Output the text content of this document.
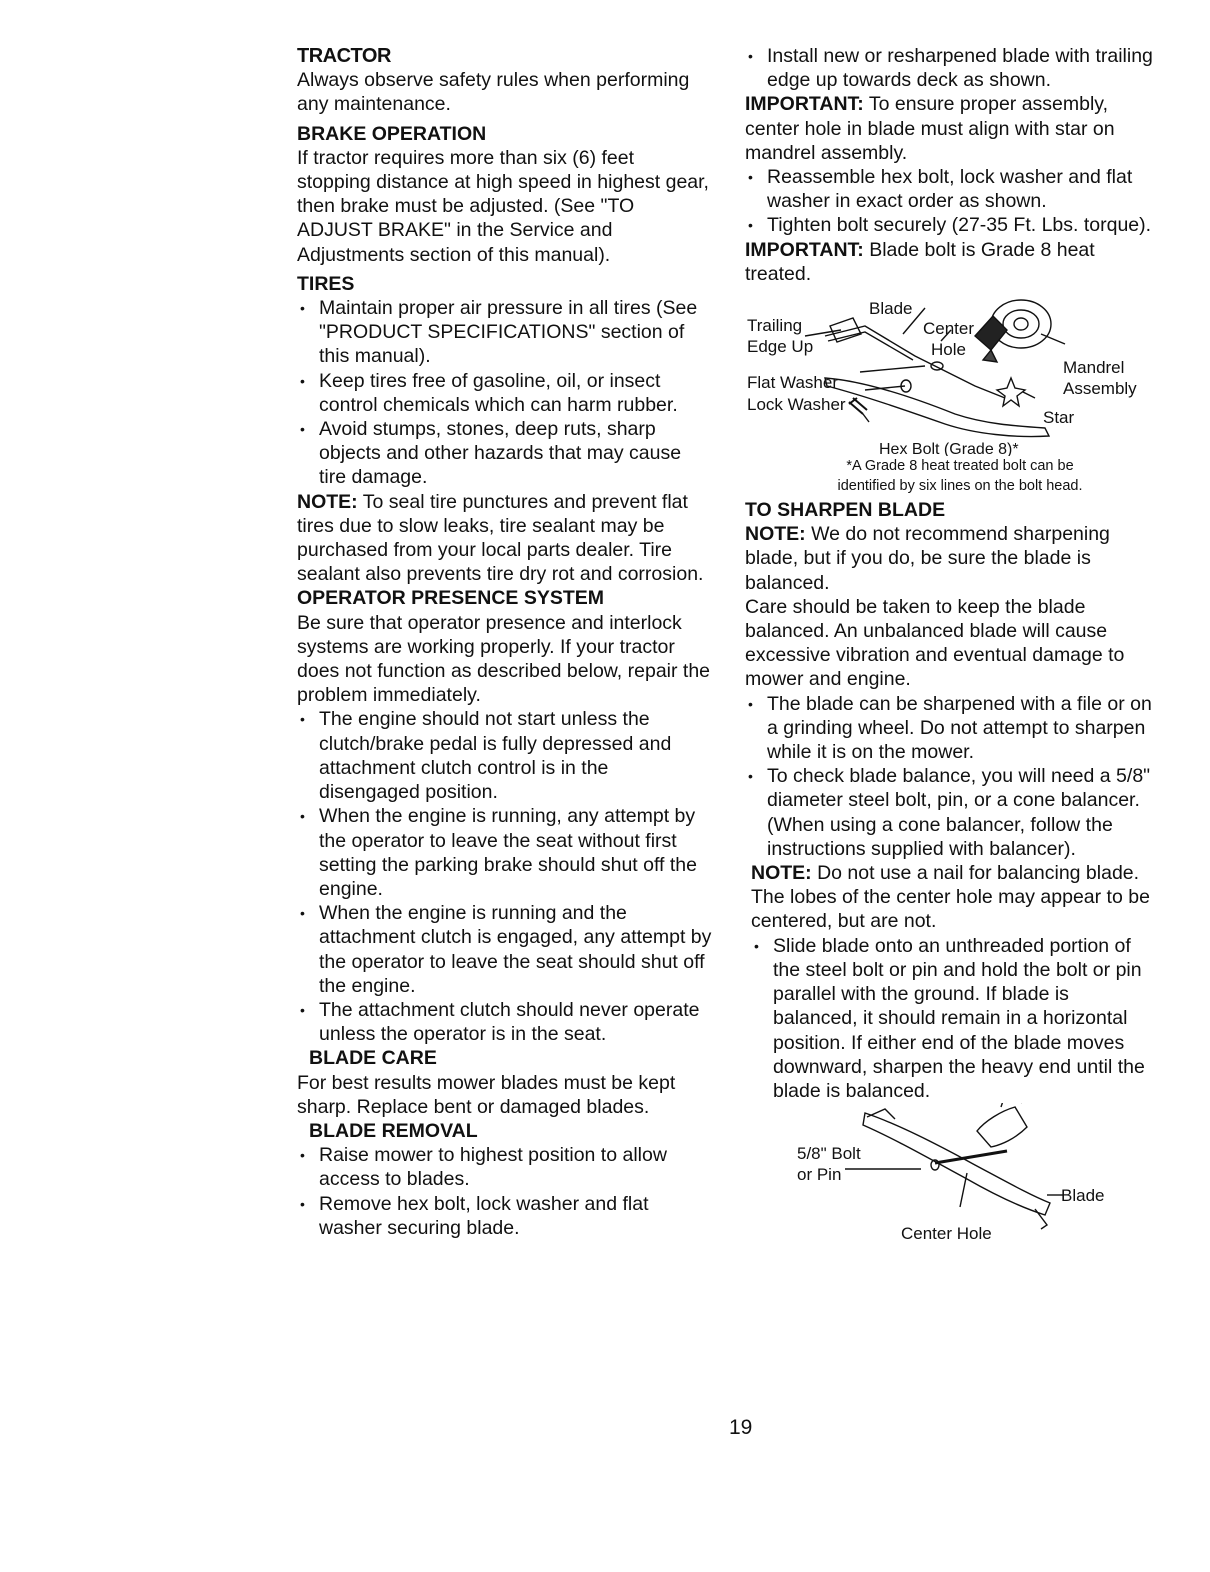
TRACTOR

Always observe safety rules when performing any maintenance.

BRAKE OPERATION

If tractor requires more than six (6) feet stopping distance at high speed in highest gear, then brake must be adjusted. (See "TO ADJUST BRAKE" in the Service and Adjustments section of this manual).

TIRES
• Maintain proper air pressure in all tires (See "PRODUCT SPECIFICATIONS" section of this manual).
• Keep tires free of gasoline, oil, or insect control chemicals which can harm rubber.
• Avoid stumps, stones, deep ruts, sharp objects and other hazards that may cause tire damage.

NOTE: To seal tire punctures and prevent flat tires due to slow leaks, tire sealant may be purchased from your local parts dealer. Tire sealant also prevents tire dry rot and corrosion.

OPERATOR PRESENCE SYSTEM

Be sure that operator presence and interlock systems are working properly. If your tractor does not function as described below, repair the problem immediately.

• The engine should not start unless the clutch/brake pedal is fully depressed and attachment clutch control is in the disengaged position.
• When the engine is running, any attempt by the operator to leave the seat without first setting the parking brake should shut off the engine.
• When the engine is running and the attachment clutch is engaged, any attempt by the operator to leave the seat should shut off the engine.
• The attachment clutch should never operate unless the operator is in the seat.
BLADE CARE

For best results mower blades must be kept sharp. Replace bent or damaged blades.

BLADE REMOVAL
• Raise mower to highest position to allow access to blades.
• Remove hex bolt, lock washer and flat washer securing blade.
• Install new or resharpened blade with trailing edge up towards deck as shown.

IMPORTANT: To ensure proper assembly, center hole in blade must align with star on mandrel assembly.

• Reassemble hex bolt, lock washer and flat washer in exact order as shown.
• Tighten bolt securely (27-35 Ft. Lbs. torque).

IMPORTANT: Blade bolt is Grade 8 heat treated.

Trailing
Edge Up
Blade
Center
Hole
Flat Washer
Lock Washer
Mandrel
Assembly
Star
Hex Bolt (Grade 8)*
*A Grade 8 heat treated bolt can be
identified by six lines on the bolt head.
TO SHARPEN BLADE

NOTE: We do not recommend sharpening blade, but if you do, be sure the blade is balanced.

Care should be taken to keep the blade balanced. An unbalanced blade will cause excessive vibration and eventual damage to mower and engine.

• The blade can be sharpened with a file or on a grinding wheel. Do not attempt to sharpen while it is on the mower.
• To check blade balance, you will need a 5/8" diameter steel bolt, pin, or a cone balancer. (When using a cone balancer, follow the instructions supplied with balancer).

NOTE: Do not use a nail for balancing blade. The lobes of the center hole may appear to be centered, but are not.

• Slide blade onto an unthreaded portion of the steel bolt or pin and hold the bolt or pin parallel with the ground. If blade is balanced, it should remain in a horizontal position. If either end of the blade moves downward, sharpen the heavy end until the blade is balanced.
5/8" Bolt
or Pin
Blade
Center Hole
19
